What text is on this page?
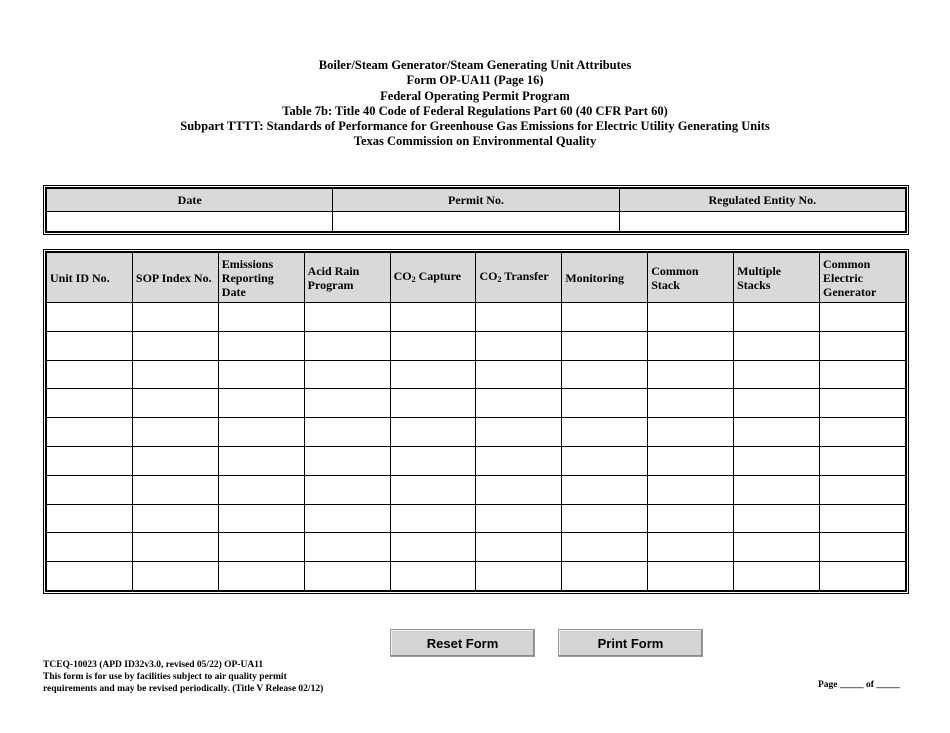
Boiler/Steam Generator/Steam Generating Unit Attributes
Form OP-UA11 (Page 16)
Federal Operating Permit Program
Table 7b: Title 40 Code of Federal Regulations Part 60 (40 CFR Part 60)
Subpart TTTT: Standards of Performance for Greenhouse Gas Emissions for Electric Utility Generating Units
Texas Commission on Environmental Quality
Date	Permit No.	Regulated Entity No.

Unit ID No.	SOP Index No.	Emissions Reporting Date	Acid Rain Program	$CO_2$ Capture	$CO_2$ Transfer	Monitoring	Common Stack	Multiple Stacks	Common Electric Generator

Reset Form	Print Form
TCEQ-10023 (APD ID32v3.0, revised 05/22) OP-UA11
This form is for use by facilities subject to air quality permit
requirements and may be revised periodically. (Title V Release 02/12)	Page _____ of _____
